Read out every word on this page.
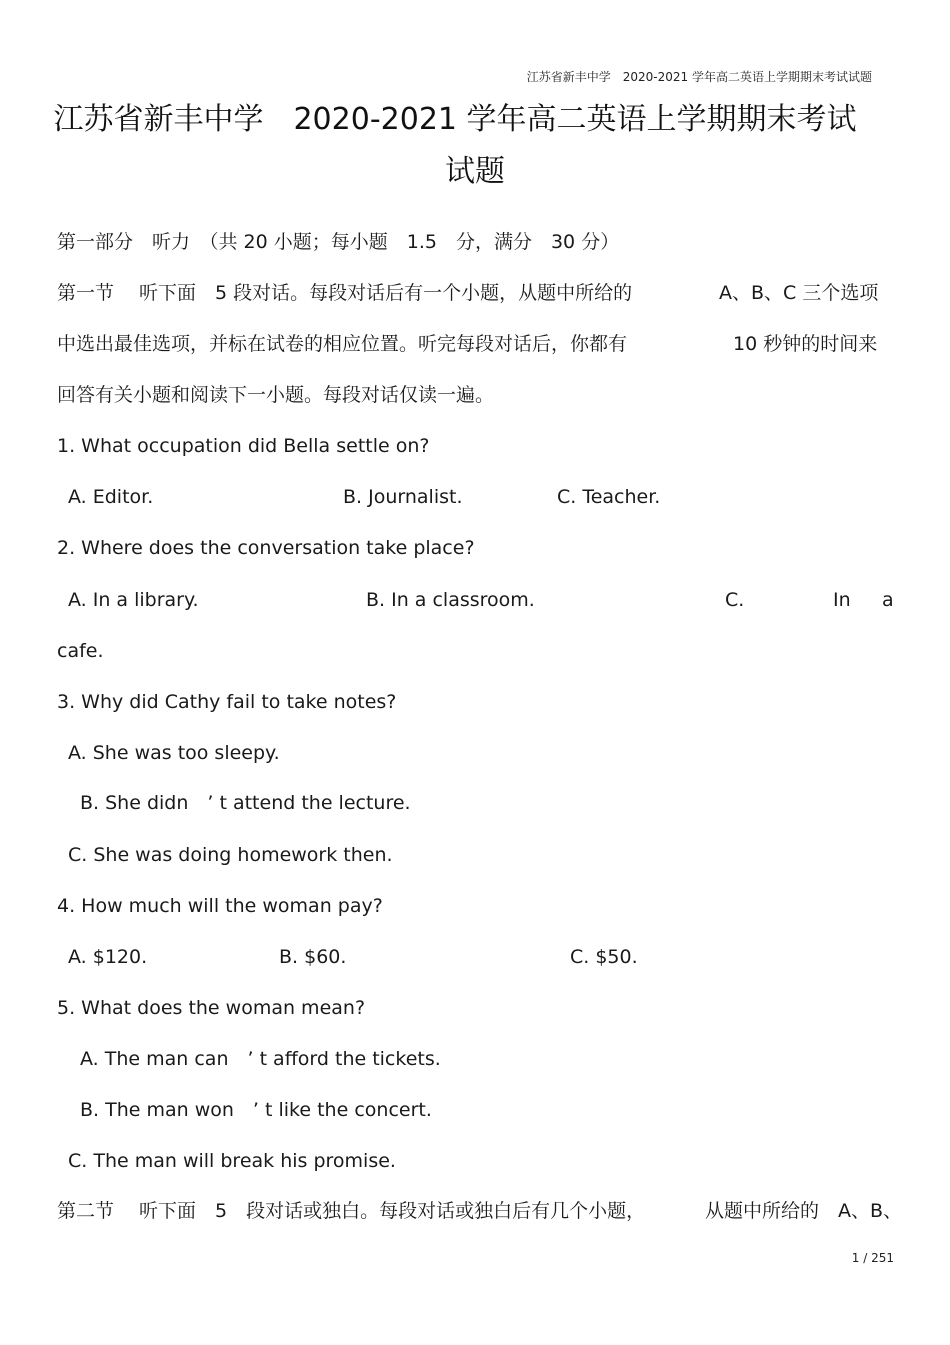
江苏省新丰中学　2020-2021 学年高二英语上学期期末考试试题
江苏省新丰中学　2020-2021 学年高二英语上学期期末考试
试题
第一部分　听力　（共 20 小题；每小题　1.5　分，满分　30 分）
第一节　 听下面　5 段对话。每段对话后有一个小题，从题中所给的	A、B、C 三个选项
中选出最佳选项，并标在试卷的相应位置。听完每段对话后，你都有	10 秒钟的时间来
回答有关小题和阅读下一小题。每段对话仅读一遍。
1. What occupation did Bella settle on?
A. Editor.	B. Journalist.	C. Teacher.
2. Where does the conversation take place?
A. In a library.	B. In a classroom.	C.	In a
cafe.
3. Why did Cathy fail to take notes?
A. She was too sleepy.
B. She didn　’ t attend the lecture.
C. She was doing homework then.
4. How much will the woman pay?
A. $120.	B. $60.	C. $50.
5. What does the woman mean?
A. The man can　’ t afford the tickets.
B. The man won　’ t like the concert.
C. The man will break his promise.
第二节　 听下面　5　段对话或独白。每段对话或独白后有几个小题，	从题中所给的　A、B、
1 / 251
